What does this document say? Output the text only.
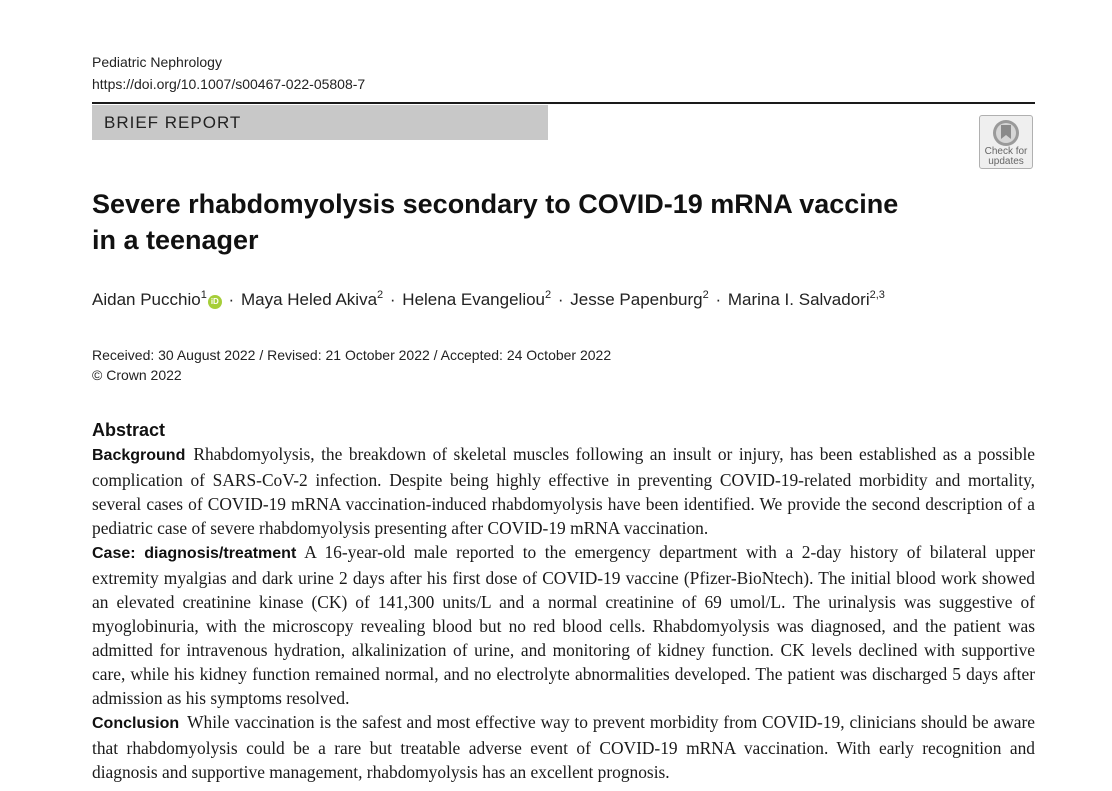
Pediatric Nephrology
https://doi.org/10.1007/s00467-022-05808-7
BRIEF REPORT
Check for
updates
Severe rhabdomyolysis secondary to COVID-19 mRNA vaccine in a teenager
Aidan Pucchio$^1$iD · Maya Heled Akiva$^2$ · Helena Evangeliou$^2$ · Jesse Papenburg$^2$ · Marina I. Salvadori$^{2,3}$
Received: 30 August 2022 / Revised: 21 October 2022 / Accepted: 24 October 2022
© Crown 2022
Abstract

Background Rhabdomyolysis, the breakdown of skeletal muscles following an insult or injury, has been established as a possible complication of SARS-CoV-2 infection. Despite being highly effective in preventing COVID-19-related morbidity and mortality, several cases of COVID-19 mRNA vaccination-induced rhabdomyolysis have been identified. We provide the second description of a pediatric case of severe rhabdomyolysis presenting after COVID-19 mRNA vaccination.

Case: diagnosis/treatment A 16-year-old male reported to the emergency department with a 2-day history of bilateral upper extremity myalgias and dark urine 2 days after his first dose of COVID-19 vaccine (Pfizer-BioNtech). The initial blood work showed an elevated creatinine kinase (CK) of 141,300 units/L and a normal creatinine of 69 umol/L. The urinalysis was suggestive of myoglobinuria, with the microscopy revealing blood but no red blood cells. Rhabdomyolysis was diagnosed, and the patient was admitted for intravenous hydration, alkalinization of urine, and monitoring of kidney function. CK levels declined with supportive care, while his kidney function remained normal, and no electrolyte abnormalities developed. The patient was discharged 5 days after admission as his symptoms resolved.

Conclusion While vaccination is the safest and most effective way to prevent morbidity from COVID-19, clinicians should be aware that rhabdomyolysis could be a rare but treatable adverse event of COVID-19 mRNA vaccination. With early recognition and diagnosis and supportive management, rhabdomyolysis has an excellent prognosis.
